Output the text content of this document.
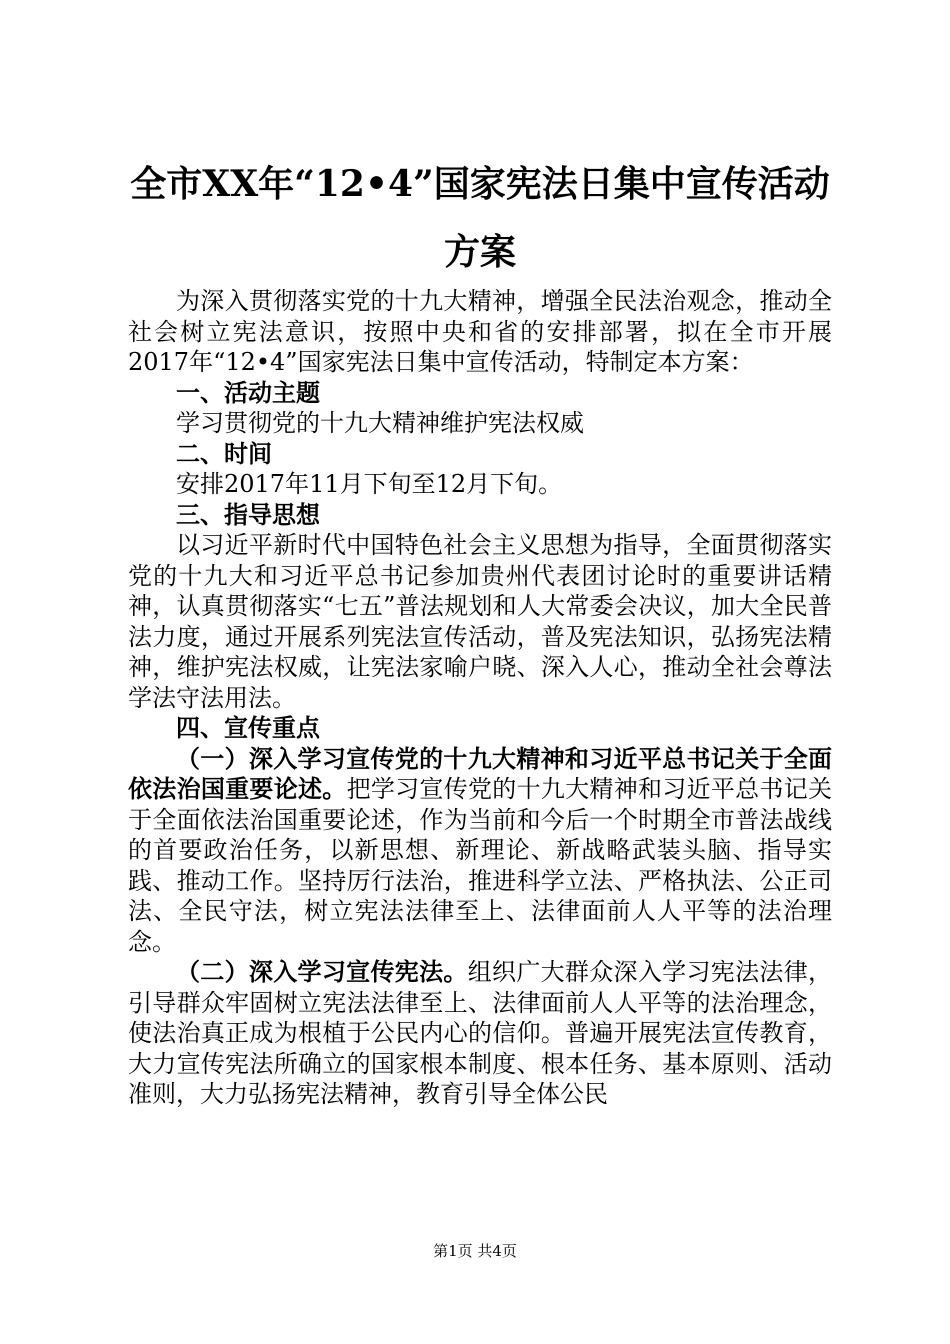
全市XX年“12•4”国家宪法日集中宣传活动
方案

为深入贯彻落实党的十九大精神，增强全民法治观念，推动全社会树立宪法意识，按照中央和省的安排部署，拟在全市开展2017年“12•4”国家宪法日集中宣传活动，特制定本方案：

一、活动主题

学习贯彻党的十九大精神维护宪法权威

二、时间

安排2017年11月下旬至12月下旬。

三、指导思想

以习近平新时代中国特色社会主义思想为指导，全面贯彻落实党的十九大和习近平总书记参加贵州代表团讨论时的重要讲话精神，认真贯彻落实“七五”普法规划和人大常委会决议，加大全民普法力度，通过开展系列宪法宣传活动，普及宪法知识，弘扬宪法精神，维护宪法权威，让宪法家喻户晓、深入人心，推动全社会尊法学法守法用法。

四、宣传重点

（一）深入学习宣传党的十九大精神和习近平总书记关于全面依法治国重要论述。把学习宣传党的十九大精神和习近平总书记关于全面依法治国重要论述，作为当前和今后一个时期全市普法战线的首要政治任务，以新思想、新理论、新战略武装头脑、指导实践、推动工作。坚持厉行法治，推进科学立法、严格执法、公正司法、全民守法，树立宪法法律至上、法律面前人人平等的法治理念。

（二）深入学习宣传宪法。组织广大群众深入学习宪法法律，引导群众牢固树立宪法法律至上、法律面前人人平等的法治理念，使法治真正成为根植于公民内心的信仰。普遍开展宪法宣传教育，大力宣传宪法所确立的国家根本制度、根本任务、基本原则、活动准则，大力弘扬宪法精神，教育引导全体公民

第1页 共4页
